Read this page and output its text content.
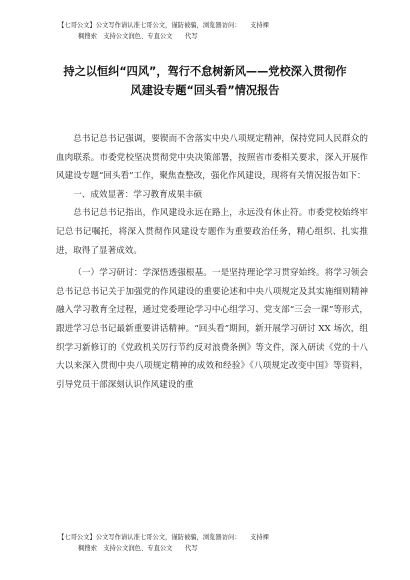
【七哥公文】公文写作请认准七哥公文，谨防被骗，浏览器访问：　　支持裸
稠搜索　支持公文润色、专直公文　　代写
持之以恒纠“四风”，驾行不怠树新风——党校深入贯彻作
风建设专题“回头看”情况报告

总书记总书记强调，要锲而不舍落实中央八项规定精神，保持党同人民群众的血肉联系。市委党校坚决贯彻党中央决策部署，按照省市委相关要求，深入开展作风建设专题“回头看”工作，聚焦查整改，强化作风建设，现将有关情况报告如下：

一、成效显著：学习教育成果丰硕

总书记总书记指出，作风建设永远在路上，永远没有休止符。市委党校始终牢记总书记嘱托，将深入贯彻作风建设专题作为重要政治任务，精心组织、扎实推进，取得了显著成效。

（一）学习研讨：学深悟透强根基。一是坚持理论学习贯穿始终。将学习领会总书记总书记关于加强党的作风建设的重要论述和中央八项规定及其实施细则精神融入学习教育全过程，通过党委理论学习中心组学习、党支部“三会一课”等形式，跟进学习总书记最新重要讲话精神。“回头看”期间，新开展学习研讨 XX 场次，组织学习新修订的《党政机关厉行节约反对浪费条例》等文件，深入研读《党的十八大以来深入贯彻中央八项规定精神的成效和经验》《八项规定改变中国》等资料，引导党员干部深刻认识作风建设的重

【七哥公文】公文写作请认准七哥公文，谨防被骗，浏览器访问：　　支持裸
稠搜索　支持公文润色、专直公文　　代写
